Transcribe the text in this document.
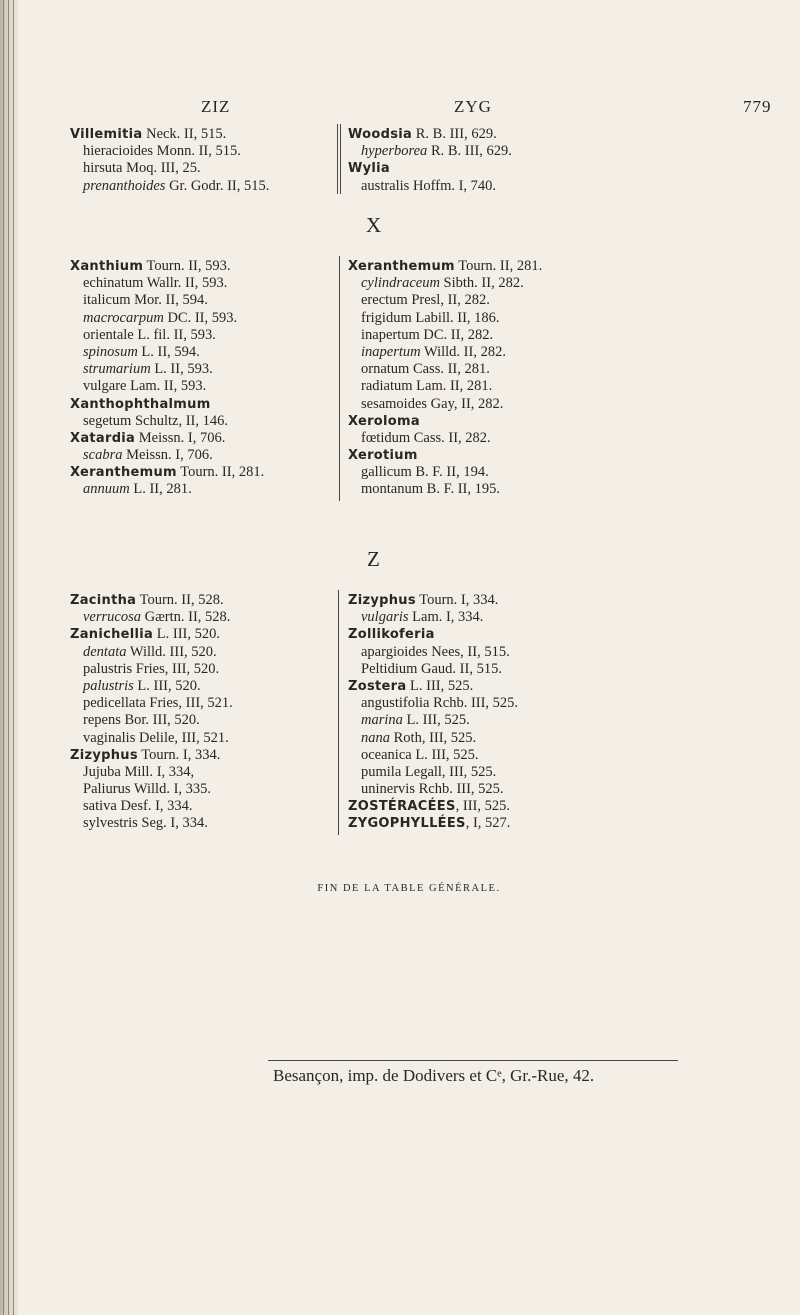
ZIZ	ZYG	779
Villemitia Neck. II, 515.
hieracioides Monn. II, 515.
hirsuta Moq. III, 25.
prenanthoides Gr. Godr. II, 515.
Woodsia R. B. III, 629.
hyperborea R. B. III, 629.
Wylia
australis Hoffm. I, 740.
X
Xanthium Tourn. II, 593.
echinatum Wallr. II, 593.
italicum Mor. II, 594.
macrocarpum DC. II, 593.
orientale L. fil. II, 593.
spinosum L. II, 594.
strumarium L. II, 593.
vulgare Lam. II, 593.
Xanthophthalmum
segetum Schultz, II, 146.
Xatardia Meissn. I, 706.
scabra Meissn. I, 706.
Xeranthemum Tourn. II, 281.
annuum L. II, 281.
Xeranthemum Tourn. II, 281.
cylindraceum Sibth. II, 282.
erectum Presl, II, 282.
frigidum Labill. II, 186.
inapertum DC. II, 282.
inapertum Willd. II, 282.
ornatum Cass. II, 281.
radiatum Lam. II, 281.
sesamoides Gay, II, 282.
Xeroloma
fœtidum Cass. II, 282.
Xerotium
gallicum B. F. II, 194.
montanum B. F. II, 195.
Z
Zacintha Tourn. II, 528.
verrucosa Gærtn. II, 528.
Zanichellia L. III, 520.
dentata Willd. III, 520.
palustris Fries, III, 520.
palustris L. III, 520.
pedicellata Fries, III, 521.
repens Bor. III, 520.
vaginalis Delile, III, 521.
Zizyphus Tourn. I, 334.
Jujuba Mill. I, 334,
Paliurus Willd. I, 335.
sativa Desf. I, 334.
sylvestris Seg. I, 334.
Zizyphus Tourn. I, 334.
vulgaris Lam. I, 334.
Zollikoferia
apargioides Nees, II, 515.
Peltidium Gaud. II, 515.
Zostera L. III, 525.
angustifolia Rchb. III, 525.
marina L. III, 525.
nana Roth, III, 525.
oceanica L. III, 525.
pumila Legall, III, 525.
uninervis Rchb. III, 525.
ZOSTÉRACÉES, III, 525.
ZYGOPHYLLÉES, I, 527.
FIN DE LA TABLE GÉNÉRALE.
Besançon, imp. de Dodivers et Cᵉ, Gr.-Rue, 42.
